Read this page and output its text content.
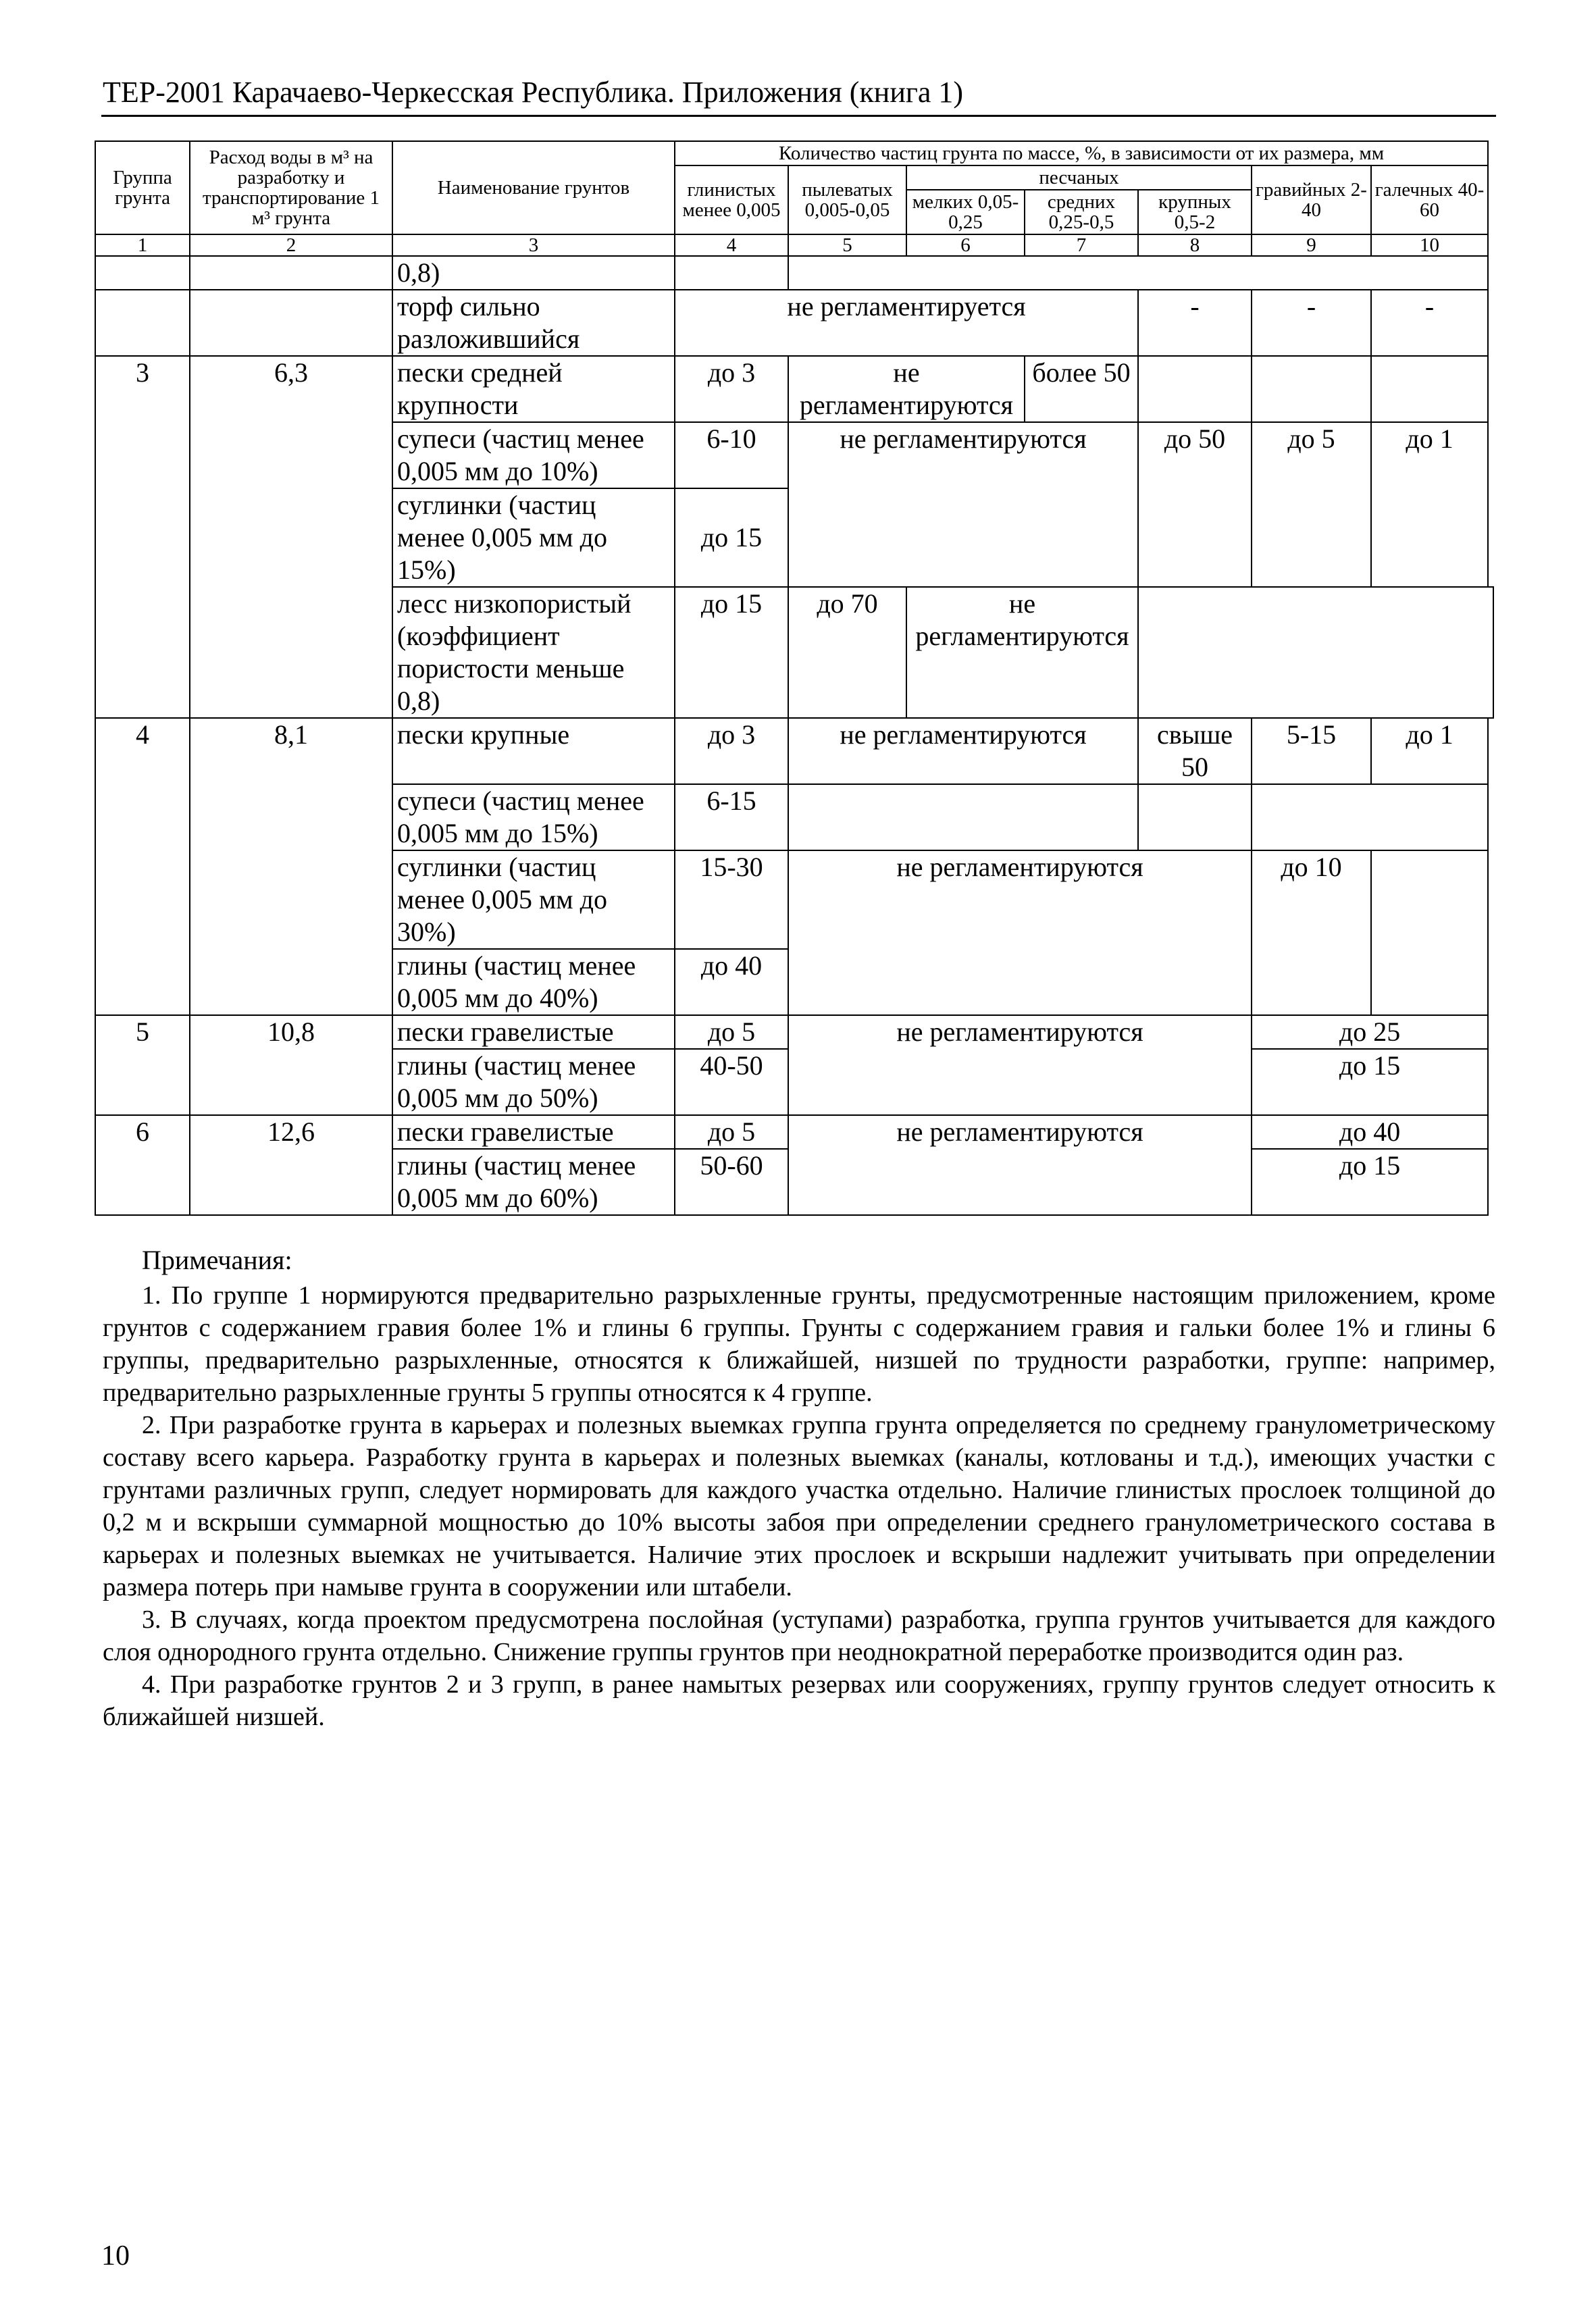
ТЕР-2001 Карачаево-Черкесская Республика. Приложения (книга 1)
Группа грунта	Расход воды в м³ на разработку и транспортирование 1 м³ грунта	Наименование грунтов	Количество частиц грунта по массе, %, в зависимости от их размера, мм						
			глинистых менее 0,005	пылеватых 0,005-0,05	песчаных			гравийных 2-40	галечных 40-60
					мелких 0,05-0,25	средних 0,25-0,5	крупных 0,5-2		
1	2	3	4	5	6	7	8	9	10
		0,8)							
		торф сильно разложившийся	не регламентируется				-	-	-
3	6,3	пески средней крупности	до 3	не регламентируются		более 50			
		супеси (частиц менее 0,005 мм до 10%)	6-10	не регламентируются			до 50	до 5	до 1
		суглинки (частиц менее 0,005 мм до 15%)	до 15						
		лесс низкопористый (коэффициент пористости меньше 0,8)	до 15	до 70	не регламентируются				
4	8,1	пески крупные	до 3	не регламентируются			свыше 50	5-15	до 1
		супеси (частиц менее 0,005 мм до 15%)	6-15						
		суглинки (частиц менее 0,005 мм до 30%)	15-30	не регламентируются				до 10	
		глины (частиц менее 0,005 мм до 40%)	до 40						
5	10,8	пески гравелистые	до 5	не регламентируются				до 25	
		глины (частиц менее 0,005 мм до 50%)	40-50					до 15	
6	12,6	пески гравелистые	до 5	не регламентируются				до 40	
		глины (частиц менее 0,005 мм до 60%)	50-60					до 15	
Примечания:

1. По группе 1 нормируются предварительно разрыхленные грунты, предусмотренные настоящим приложением, кроме грунтов с содержанием гравия более 1% и глины 6 группы. Грунты с содержанием гравия и гальки более 1% и глины 6 группы, предварительно разрыхленные, относятся к ближайшей, низшей по трудности разработки, группе: например, предварительно разрыхленные грунты 5 группы относятся к 4 группе.

2. При разработке грунта в карьерах и полезных выемках группа грунта определяется по среднему гранулометрическому составу всего карьера. Разработку грунта в карьерах и полезных выемках (каналы, котлованы и т.д.), имеющих участки с грунтами различных групп, следует нормировать для каждого участка отдельно. Наличие глинистых прослоек толщиной до 0,2 м и вскрыши суммарной мощностью до 10% высоты забоя при определении среднего гранулометрического состава в карьерах и полезных выемках не учитывается. Наличие этих прослоек и вскрыши надлежит учитывать при определении размера потерь при намыве грунта в сооружении или штабели.

3. В случаях, когда проектом предусмотрена послойная (уступами) разработка, группа грунтов учитывается для каждого слоя однородного грунта отдельно. Снижение группы грунтов при неоднократной переработке производится один раз.

4. При разработке грунтов 2 и 3 групп, в ранее намытых резервах или сооружениях, группу грунтов следует относить к ближайшей низшей.

10
